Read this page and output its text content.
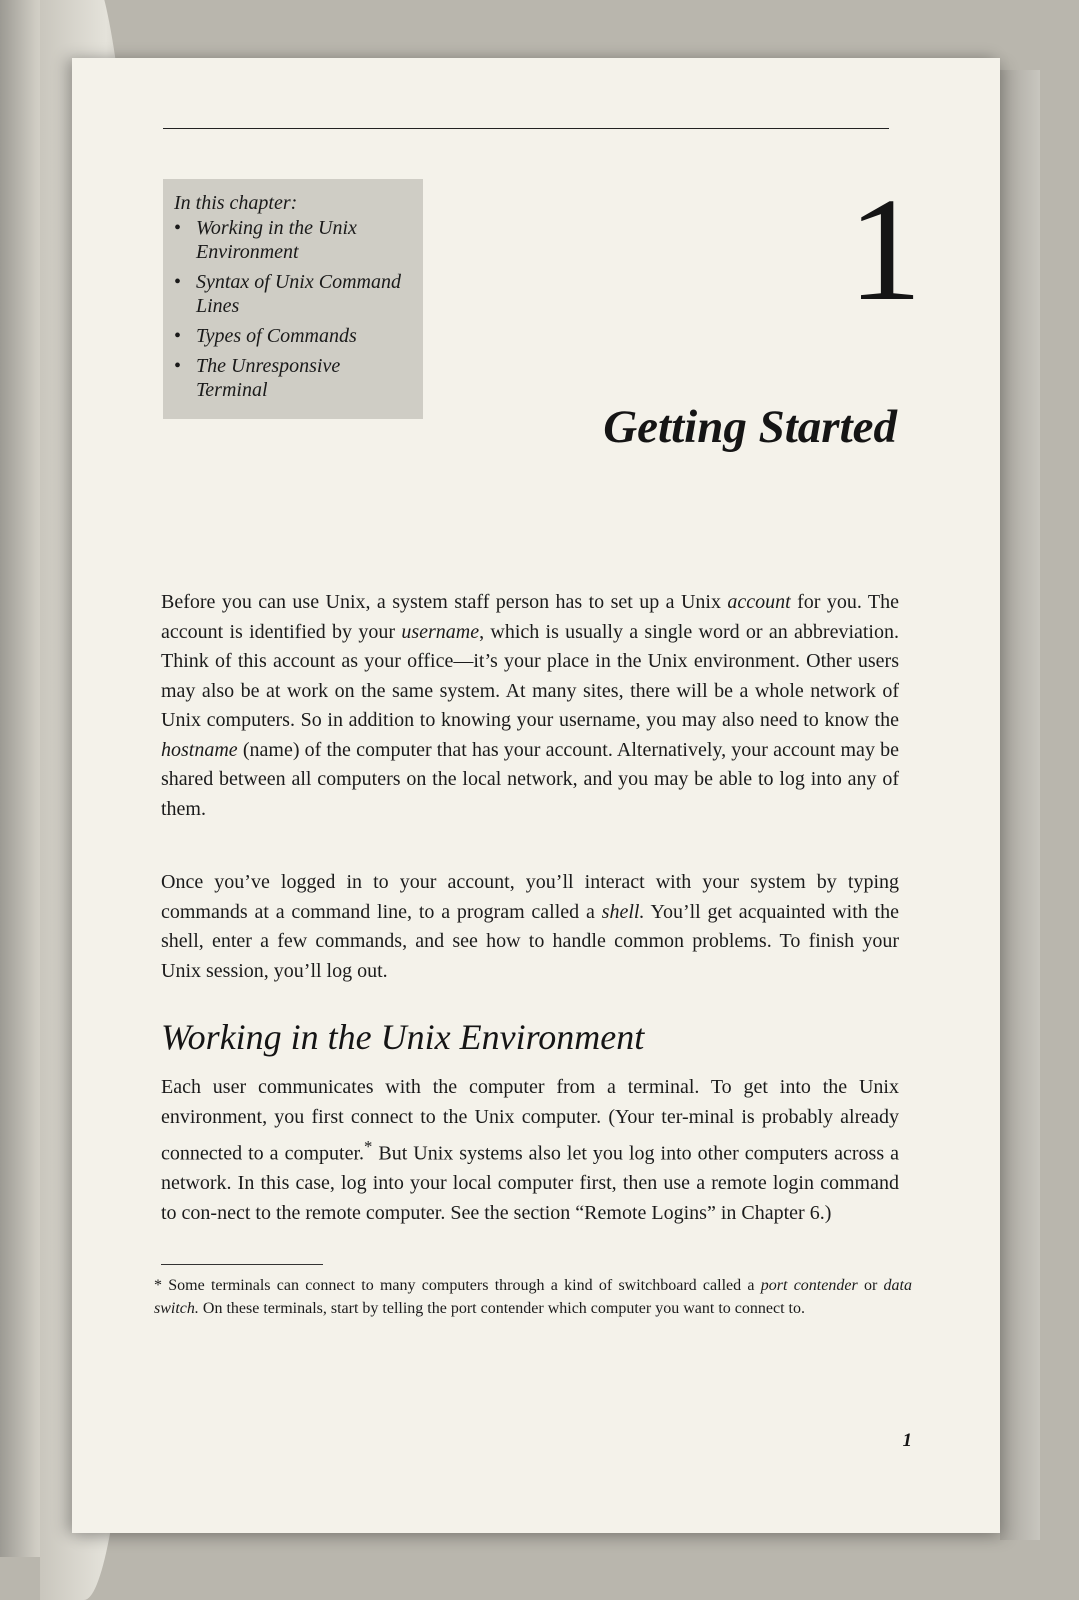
In this chapter:
• Working in the Unix Environment
• Syntax of Unix Command Lines
• Types of Commands
• The Unresponsive Terminal
1
Getting Started

Before you can use Unix, a system staff person has to set up a Unix account for you. The account is identified by your username, which is usually a single word or an abbreviation. Think of this account as your office—it’s your place in the Unix environment. Other users may also be at work on the same system. At many sites, there will be a whole network of Unix computers. So in addition to knowing your username, you may also need to know the hostname (name) of the computer that has your account. Alternatively, your account may be shared between all computers on the local network, and you may be able to log into any of them.

Once you’ve logged in to your account, you’ll interact with your system by typing commands at a command line, to a program called a shell. You’ll get acquainted with the shell, enter a few commands, and see how to handle common problems. To finish your Unix session, you’ll log out.

Working in the Unix Environment

Each user communicates with the computer from a terminal. To get into the Unix environment, you first connect to the Unix computer. (Your ter-minal is probably already connected to a computer.* But Unix systems also let you log into other computers across a network. In this case, log into your local computer first, then use a remote login command to con-nect to the remote computer. See the section “Remote Logins” in Chapter 6.)

* Some terminals can connect to many computers through a kind of switchboard called a port contender or data switch. On these terminals, start by telling the port contender which computer you want to connect to.

1
